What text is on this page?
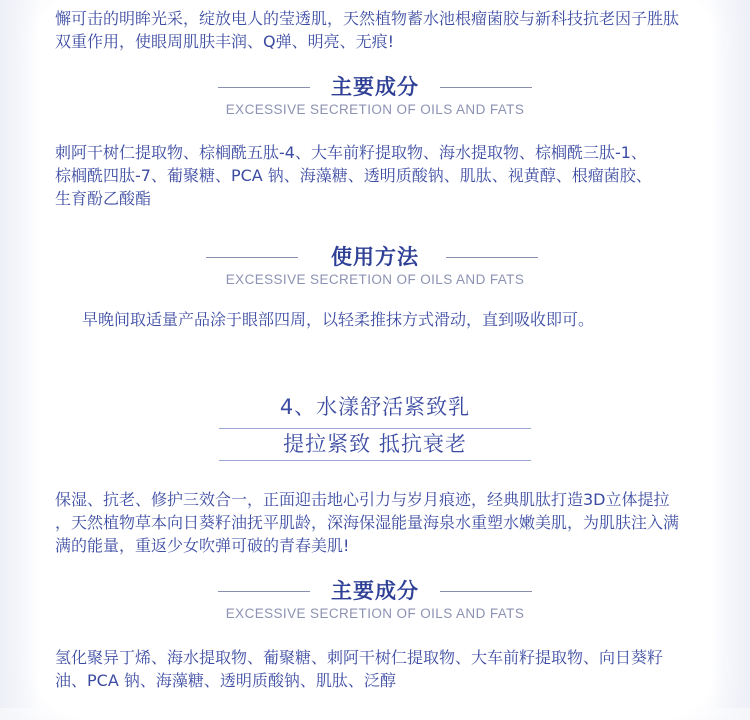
懈可击的明眸光采，绽放电人的莹透肌，天然植物蓄水池根瘤菌胶与新科技抗老因子胜肽
双重作用，使眼周肌肤丰润、Q弹、明亮、无痕!

主要成分
EXCESSIVE SECRETION OF OILS AND FATS

刺阿干树仁提取物、棕榈酰五肽-4、大车前籽提取物、海水提取物、棕榈酰三肽-1、
棕榈酰四肽-7、葡聚糖、PCA 钠、海藻糖、透明质酸钠、肌肽、视黄醇、根瘤菌胶、
生育酚乙酸酯

使用方法
EXCESSIVE SECRETION OF OILS AND FATS

早晚间取适量产品涂于眼部四周，以轻柔推抹方式滑动，直到吸收即可。

4、水漾舒活紧致乳
提拉紧致 抵抗衰老

保湿、抗老、修护三效合一，正面迎击地心引力与岁月痕迹，经典肌肽打造3D立体提拉
，天然植物草本向日葵籽油抚平肌龄，深海保湿能量海泉水重塑水嫩美肌，为肌肤注入满
满的能量，重返少女吹弹可破的青春美肌!

主要成分
EXCESSIVE SECRETION OF OILS AND FATS

氢化聚异丁烯、海水提取物、葡聚糖、刺阿干树仁提取物、大车前籽提取物、向日葵籽
油、PCA 钠、海藻糖、透明质酸钠、肌肽、泛醇
